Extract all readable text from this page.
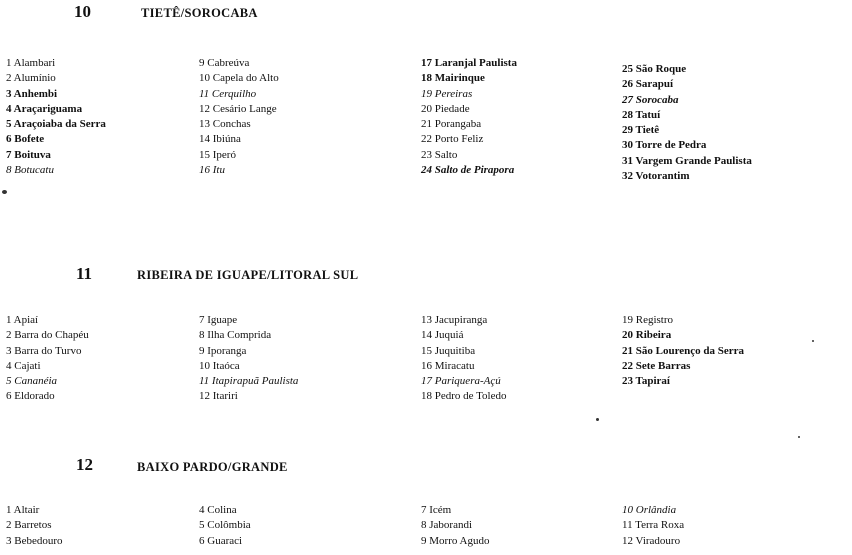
10	TIETÊ/SOROCABA
1 Alambari
2 Alumínio
3 Anhembi
4 Araçariguama
5 Araçoiaba da Serra
6 Bofete
7 Boituva
8 Botucatu
9 Cabreúva
10 Capela do Alto
11 Cerquilho
12 Cesário Lange
13 Conchas
14 Ibiúna
15 Iperó
16 Itu
17 Laranjal Paulista
18 Mairinque
19 Pereiras
20 Piedade
21 Porangaba
22 Porto Feliz
23 Salto
24 Salto de Pirapora
25 São Roque
26 Sarapuí
27 Sorocaba
28 Tatuí
29 Tietê
30 Torre de Pedra
31 Vargem Grande Paulista
32 Votorantim
11	RIBEIRA DE IGUAPE/LITORAL SUL
1 Apiaí
2 Barra do Chapéu
3 Barra do Turvo
4 Cajati
5 Cananéia
6 Eldorado
7 Iguape
8 Ilha Comprida
9 Iporanga
10 Itaóca
11 Itapirapuã Paulista
12 Itariri
13 Jacupiranga
14 Juquiá
15 Juquitiba
16 Miracatu
17 Pariquera-Açú
18 Pedro de Toledo
19 Registro
20 Ribeira
21 São Lourenço da Serra
22 Sete Barras
23 Tapiraí
12	BAIXO PARDO/GRANDE
1 Altair
2 Barretos
3 Bebedouro
4 Colina
5 Colômbia
6 Guaraci
7 Icém
8 Jaborandi
9 Morro Agudo
10 Orlândia
11 Terra Roxa
12 Viradouro
